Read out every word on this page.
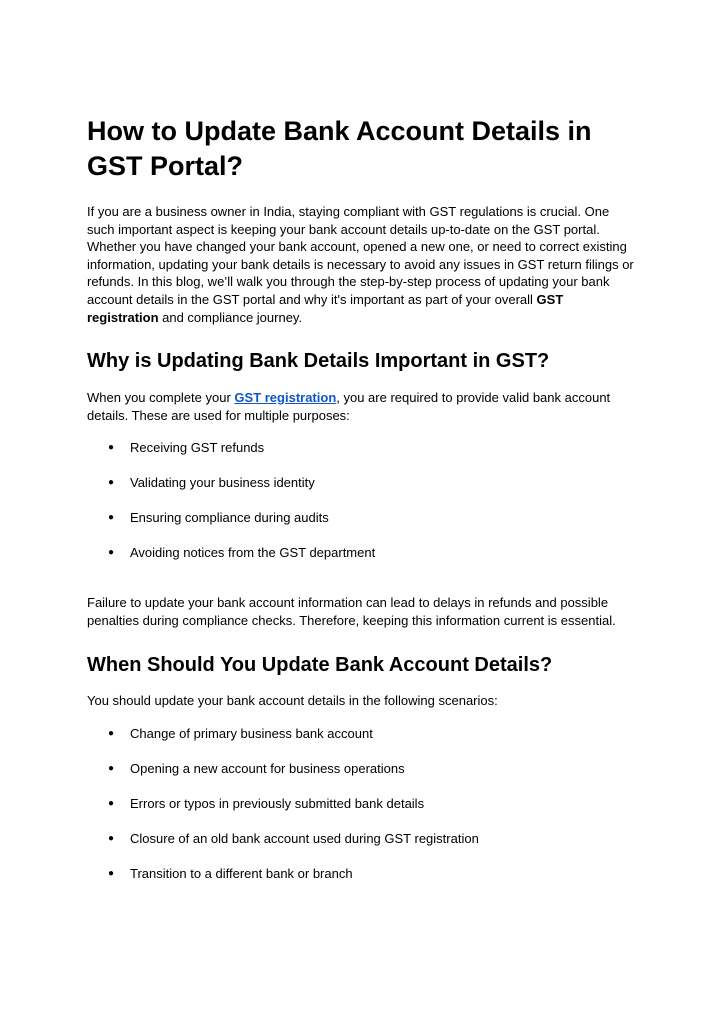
How to Update Bank Account Details in GST Portal?

If you are a business owner in India, staying compliant with GST regulations is crucial. One such important aspect is keeping your bank account details up-to-date on the GST portal. Whether you have changed your bank account, opened a new one, or need to correct existing information, updating your bank details is necessary to avoid any issues in GST return filings or refunds. In this blog, we’ll walk you through the step-by-step process of updating your bank account details in the GST portal and why it's important as part of your overall GST registration and compliance journey.

Why is Updating Bank Details Important in GST?

When you complete your GST registration, you are required to provide valid bank account details. These are used for multiple purposes:

● Receiving GST refunds
● Validating your business identity
● Ensuring compliance during audits
● Avoiding notices from the GST department

Failure to update your bank account information can lead to delays in refunds and possible penalties during compliance checks. Therefore, keeping this information current is essential.

When Should You Update Bank Account Details?

You should update your bank account details in the following scenarios:

● Change of primary business bank account
● Opening a new account for business operations
● Errors or typos in previously submitted bank details
● Closure of an old bank account used during GST registration
● Transition to a different bank or branch
